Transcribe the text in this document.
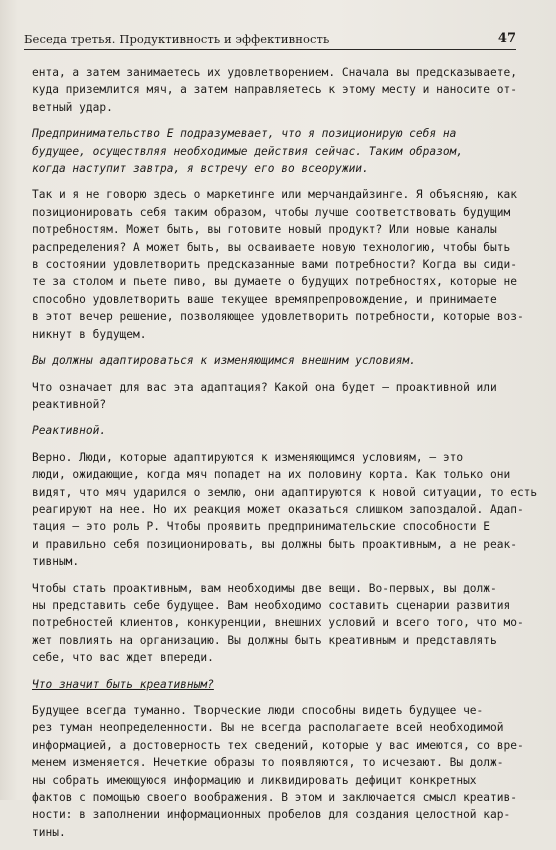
Беседа третья. Продуктивность и эффективность	47
ента, а затем занимаетесь их удовлетворением. Сначала вы предсказываете,
куда приземлится мяч, а затем направляетесь к этому месту и наносите от-
ветный удар.
Предпринимательство E подразумевает, что я позиционирую себя на
будущее, осуществляя необходимые действия сейчас. Таким образом,
когда наступит завтра, я встречу его во всеоружии.
Так и я не говорю здесь о маркетинге или мерчандайзинге. Я объясняю, как
позиционировать себя таким образом, чтобы лучше соответствовать будущим
потребностям. Может быть, вы готовите новый продукт? Или новые каналы
распределения? А может быть, вы осваиваете новую технологию, чтобы быть
в состоянии удовлетворить предсказанные вами потребности? Когда вы сиди-
те за столом и пьете пиво, вы думаете о будущих потребностях, которые не
способно удовлетворить ваше текущее времяпрепровождение, и принимаете
в этот вечер решение, позволяющее удовлетворить потребности, которые воз-
никнут в будущем.
Вы должны адаптироваться к изменяющимся внешним условиям.
Что означает для вас эта адаптация? Какой она будет — проактивной или
реактивной?
Реактивной.
Верно. Люди, которые адаптируются к изменяющимся условиям, — это
люди, ожидающие, когда мяч попадет на их половину корта. Как только они
видят, что мяч ударился о землю, они адаптируются к новой ситуации, то есть
реагируют на нее. Но их реакция может оказаться слишком запоздалой. Адап-
тация — это роль P. Чтобы проявить предпринимательские способности E
и правильно себя позиционировать, вы должны быть проактивным, а не реак-
тивным.
Чтобы стать проактивным, вам необходимы две вещи. Во-первых, вы долж-
ны представить себе будущее. Вам необходимо составить сценарии развития
потребностей клиентов, конкуренции, внешних условий и всего того, что мо-
жет повлиять на организацию. Вы должны быть креативным и представлять
себе, что вас ждет впереди.
Что значит быть креативным?
Будущее всегда туманно. Творческие люди способны видеть будущее че-
рез туман неопределенности. Вы не всегда располагаете всей необходимой
информацией, а достоверность тех сведений, которые у вас имеются, со вре-
менем изменяется. Нечеткие образы то появляются, то исчезают. Вы долж-
ны собрать имеющуюся информацию и ликвидировать дефицит конкретных
фактов с помощью своего воображения. В этом и заключается смысл креатив-
ности: в заполнении информационных пробелов для создания целостной кар-
тины.
